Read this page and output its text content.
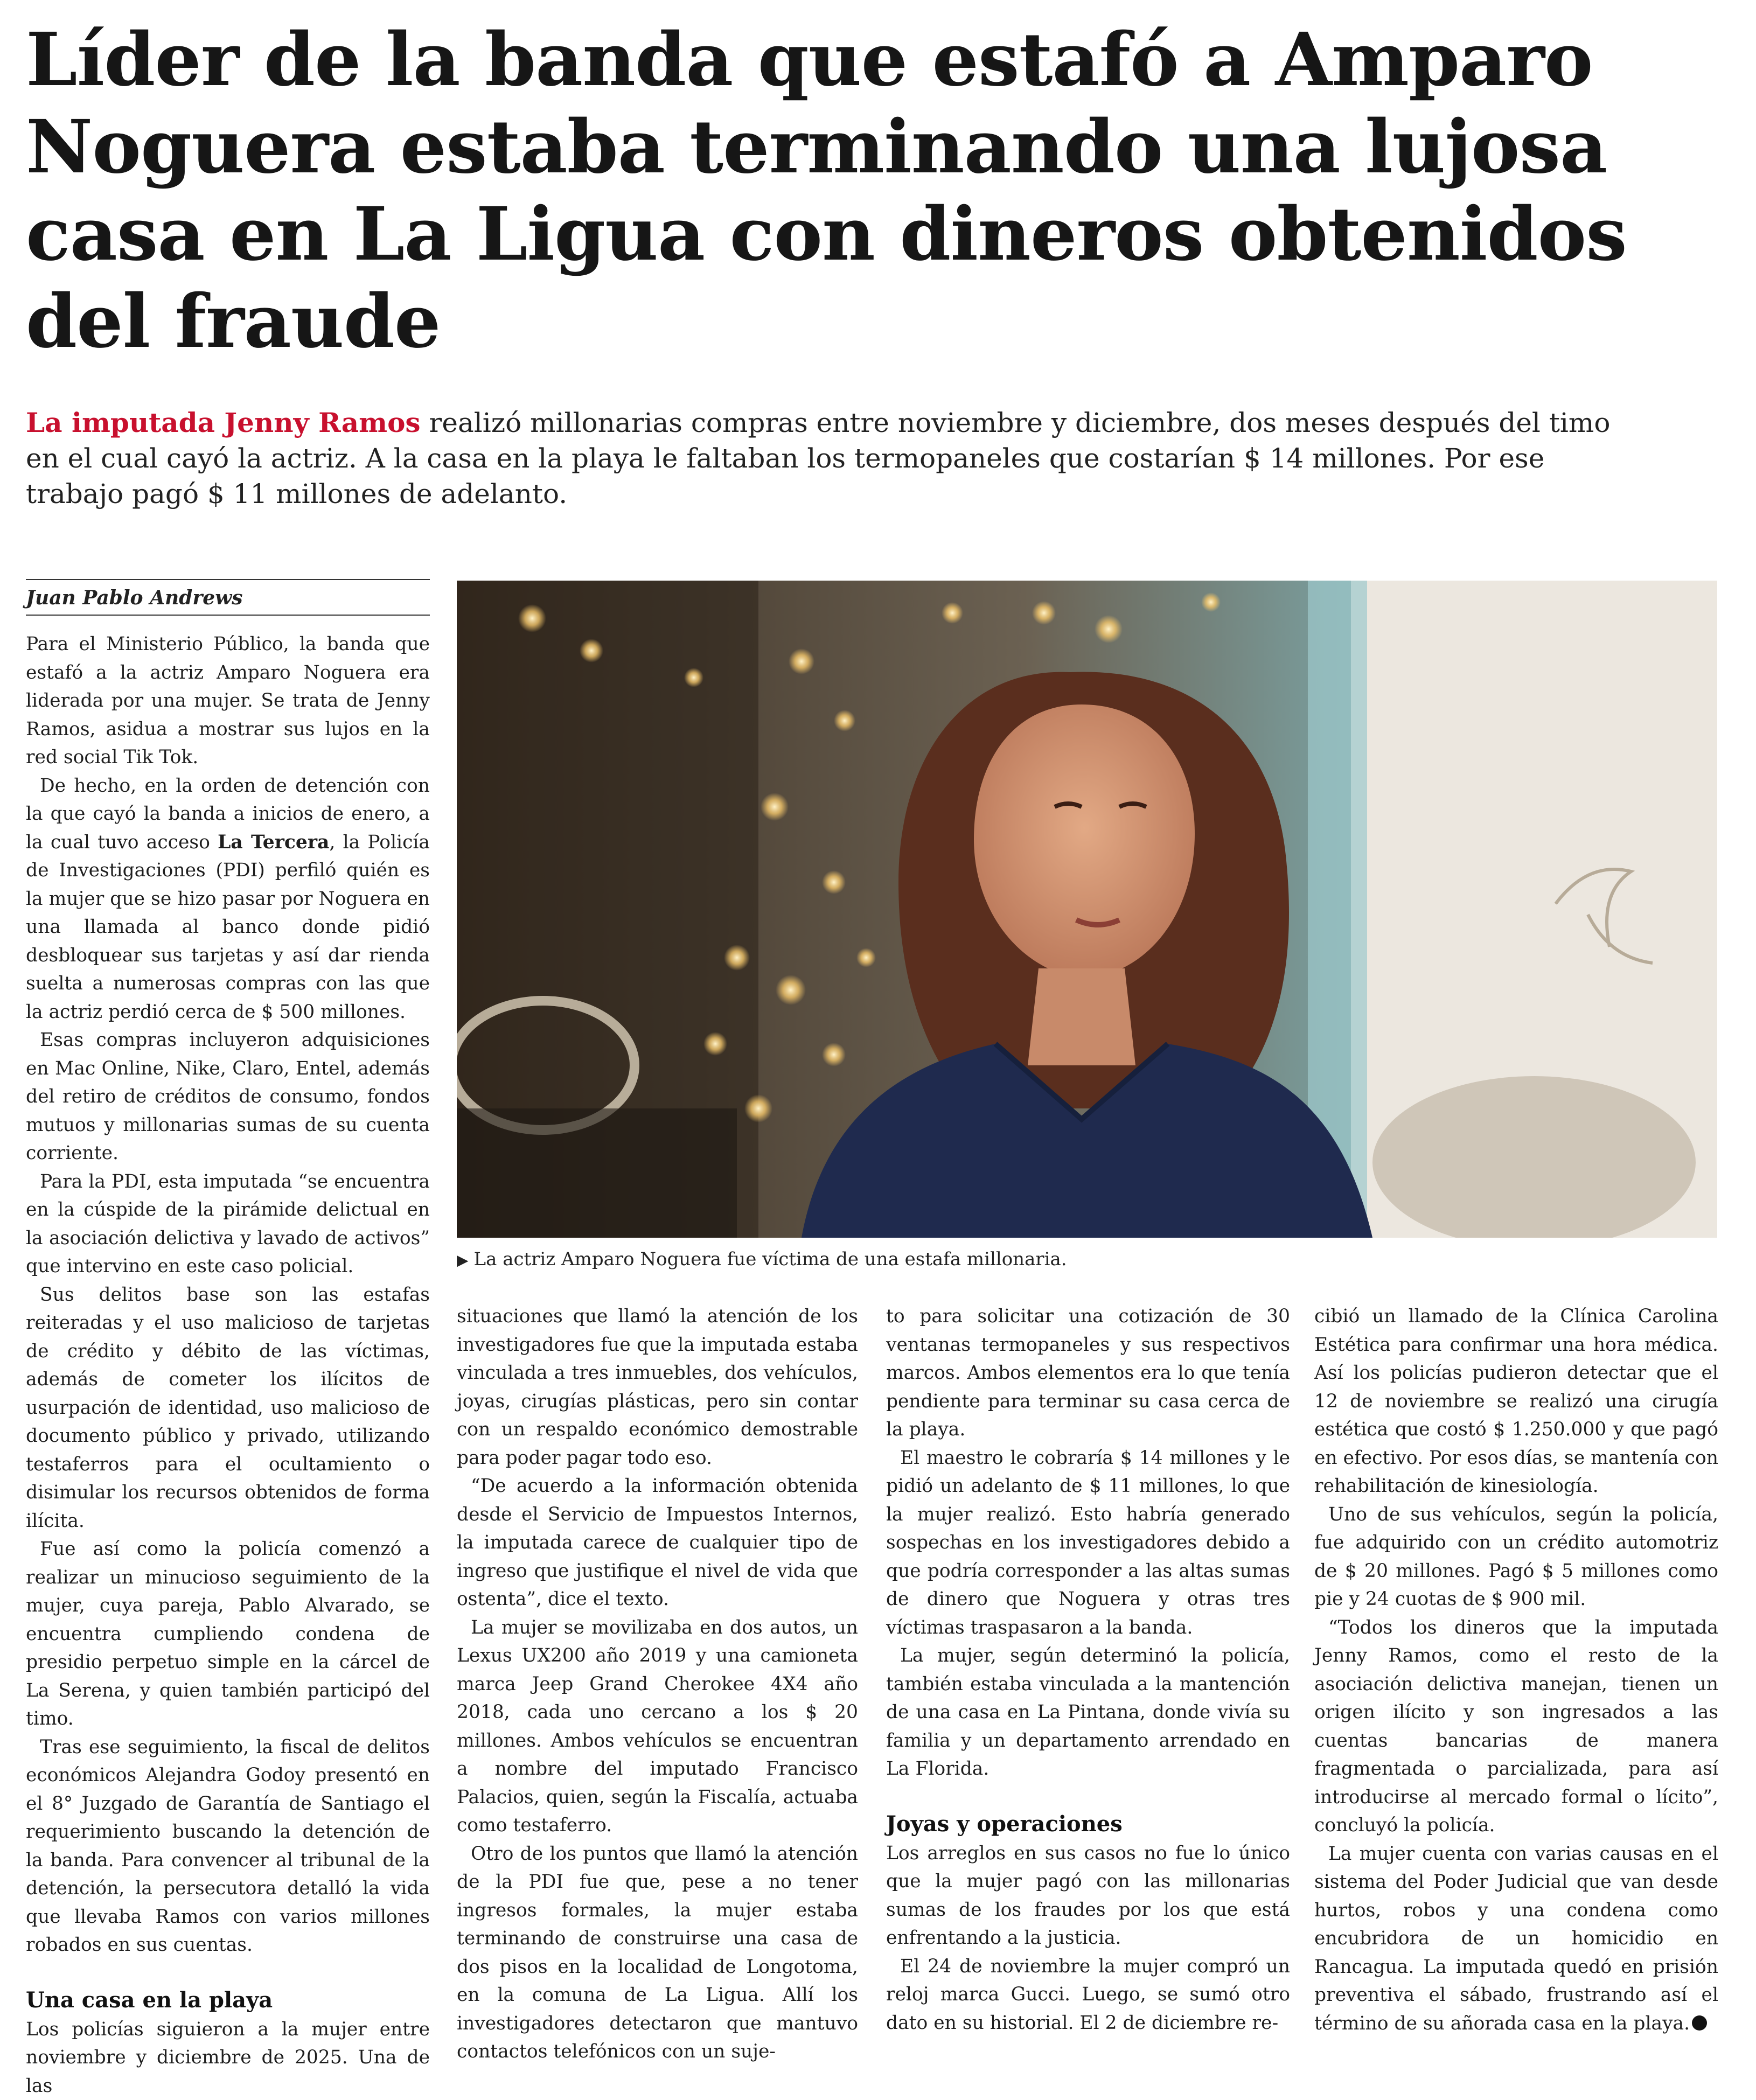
Líder de la banda que estafó a Amparo Noguera estaba terminando una lujosa casa en La Ligua con dineros obtenidos del fraude

La imputada Jenny Ramos realizó millonarias compras entre noviembre y diciembre, dos meses después del timo en el cual cayó la actriz. A la casa en la playa le faltaban los termopaneles que costarían $ 14 millones. Por ese trabajo pagó $ 11 millones de adelanto.

Juan Pablo Andrews

Para el Ministerio Público, la banda que estafó a la actriz Amparo Noguera era liderada por una mujer. Se trata de Jenny Ramos, asidua a mostrar sus lujos en la red social Tik Tok.

De hecho, en la orden de detención con la que cayó la banda a inicios de enero, a la cual tuvo acceso La Tercera, la Policía de Investigaciones (PDI) perfiló quién es la mujer que se hizo pasar por Noguera en una llamada al banco donde pidió desbloquear sus tarjetas y así dar rienda suelta a numerosas compras con las que la actriz perdió cerca de $ 500 millones.

Esas compras incluyeron adquisiciones en Mac Online, Nike, Claro, Entel, además del retiro de créditos de consumo, fondos mutuos y millonarias sumas de su cuenta corriente.

Para la PDI, esta imputada “se encuentra en la cúspide de la pirámide delictual en la asociación delictiva y lavado de activos” que intervino en este caso policial.

Sus delitos base son las estafas reiteradas y el uso malicioso de tarjetas de crédito y débito de las víctimas, además de cometer los ilícitos de usurpación de identidad, uso malicioso de documento público y privado, utilizando testaferros para el ocultamiento o disimular los recursos obtenidos de forma ilícita.

Fue así como la policía comenzó a realizar un minucioso seguimiento de la mujer, cuya pareja, Pablo Alvarado, se encuentra cumpliendo condena de presidio perpetuo simple en la cárcel de La Serena, y quien también participó del timo.

Tras ese seguimiento, la fiscal de delitos económicos Alejandra Godoy presentó en el 8° Juzgado de Garantía de Santiago el requerimiento buscando la detención de la banda. Para convencer al tribunal de la detención, la persecutora detalló la vida que llevaba Ramos con varios millones robados en sus cuentas.

Una casa en la playa

Los policías siguieron a la mujer entre noviembre y diciembre de 2025. Una de las

▶ La actriz Amparo Noguera fue víctima de una estafa millonaria.

situaciones que llamó la atención de los investigadores fue que la imputada estaba vinculada a tres inmuebles, dos vehículos, joyas, cirugías plásticas, pero sin contar con un respaldo económico demostrable para poder pagar todo eso.

“De acuerdo a la información obtenida desde el Servicio de Impuestos Internos, la imputada carece de cualquier tipo de ingreso que justifique el nivel de vida que ostenta”, dice el texto.

La mujer se movilizaba en dos autos, un Lexus UX200 año 2019 y una camioneta marca Jeep Grand Cherokee 4X4 año 2018, cada uno cercano a los $ 20 millones. Ambos vehículos se encuentran a nombre del imputado Francisco Palacios, quien, según la Fiscalía, actuaba como testaferro.

Otro de los puntos que llamó la atención de la PDI fue que, pese a no tener ingresos formales, la mujer estaba terminando de construirse una casa de dos pisos en la localidad de Longotoma, en la comuna de La Ligua. Allí los investigadores detectaron que mantuvo contactos telefónicos con un suje-

to para solicitar una cotización de 30 ventanas termopaneles y sus respectivos marcos. Ambos elementos era lo que tenía pendiente para terminar su casa cerca de la playa.

El maestro le cobraría $ 14 millones y le pidió un adelanto de $ 11 millones, lo que la mujer realizó. Esto habría generado sospechas en los investigadores debido a que podría corresponder a las altas sumas de dinero que Noguera y otras tres víctimas traspasaron a la banda.

La mujer, según determinó la policía, también estaba vinculada a la mantención de una casa en La Pintana, donde vivía su familia y un departamento arrendado en La Florida.

Joyas y operaciones

Los arreglos en sus casos no fue lo único que la mujer pagó con las millonarias sumas de los fraudes por los que está enfrentando a la justicia.

El 24 de noviembre la mujer compró un reloj marca Gucci. Luego, se sumó otro dato en su historial. El 2 de diciembre re-

cibió un llamado de la Clínica Carolina Estética para confirmar una hora médica. Así los policías pudieron detectar que el 12 de noviembre se realizó una cirugía estética que costó $ 1.250.000 y que pagó en efectivo. Por esos días, se mantenía con rehabilitación de kinesiología.

Uno de sus vehículos, según la policía, fue adquirido con un crédito automotriz de $ 20 millones. Pagó $ 5 millones como pie y 24 cuotas de $ 900 mil.

“Todos los dineros que la imputada Jenny Ramos, como el resto de la asociación delictiva manejan, tienen un origen ilícito y son ingresados a las cuentas bancarias de manera fragmentada o parcializada, para así introducirse al mercado formal o lícito”, concluyó la policía.

La mujer cuenta con varias causas en el sistema del Poder Judicial que van desde hurtos, robos y una condena como encubridora de un homicidio en Rancagua. La imputada quedó en prisión preventiva el sábado, frustrando así el término de su añorada casa en la playa.
